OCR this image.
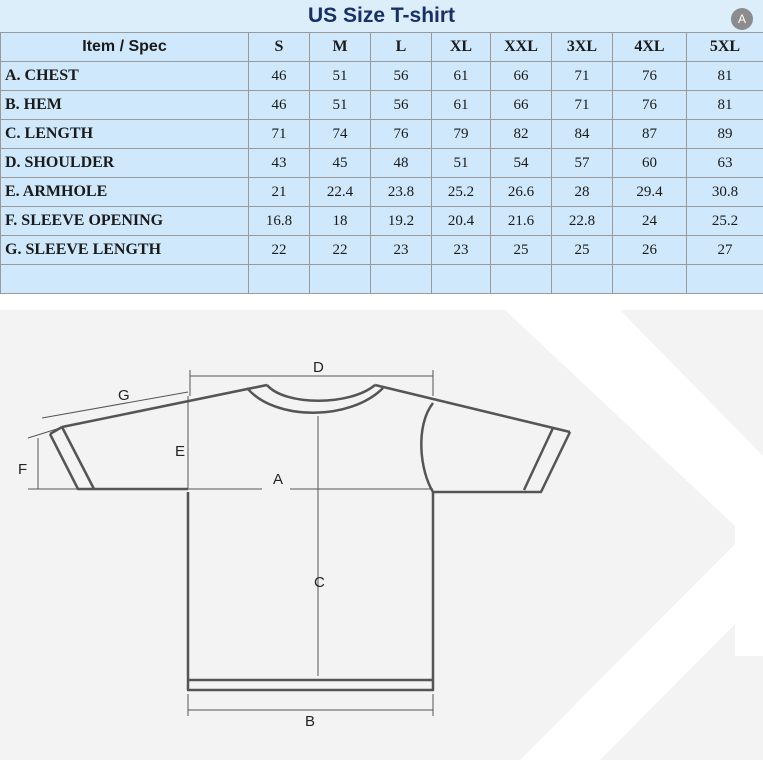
US Size T-shirt	A
Item / Spec	S	M	L	XL	XXL	3XL	4XL	5XL
A. CHEST	46	51	56	61	66	71	76	81
B. HEM	46	51	56	61	66	71	76	81
C. LENGTH	71	74	76	79	82	84	87	89
D. SHOULDER	43	45	48	51	54	57	60	63
E. ARMHOLE	21	22.4	23.8	25.2	26.6	28	29.4	30.8
F. SLEEVE OPENING	16.8	18	19.2	20.4	21.6	22.8	24	25.2
G. SLEEVE LENGTH	22	22	23	23	25	25	26	27

D
A
C
B
E
G
F
